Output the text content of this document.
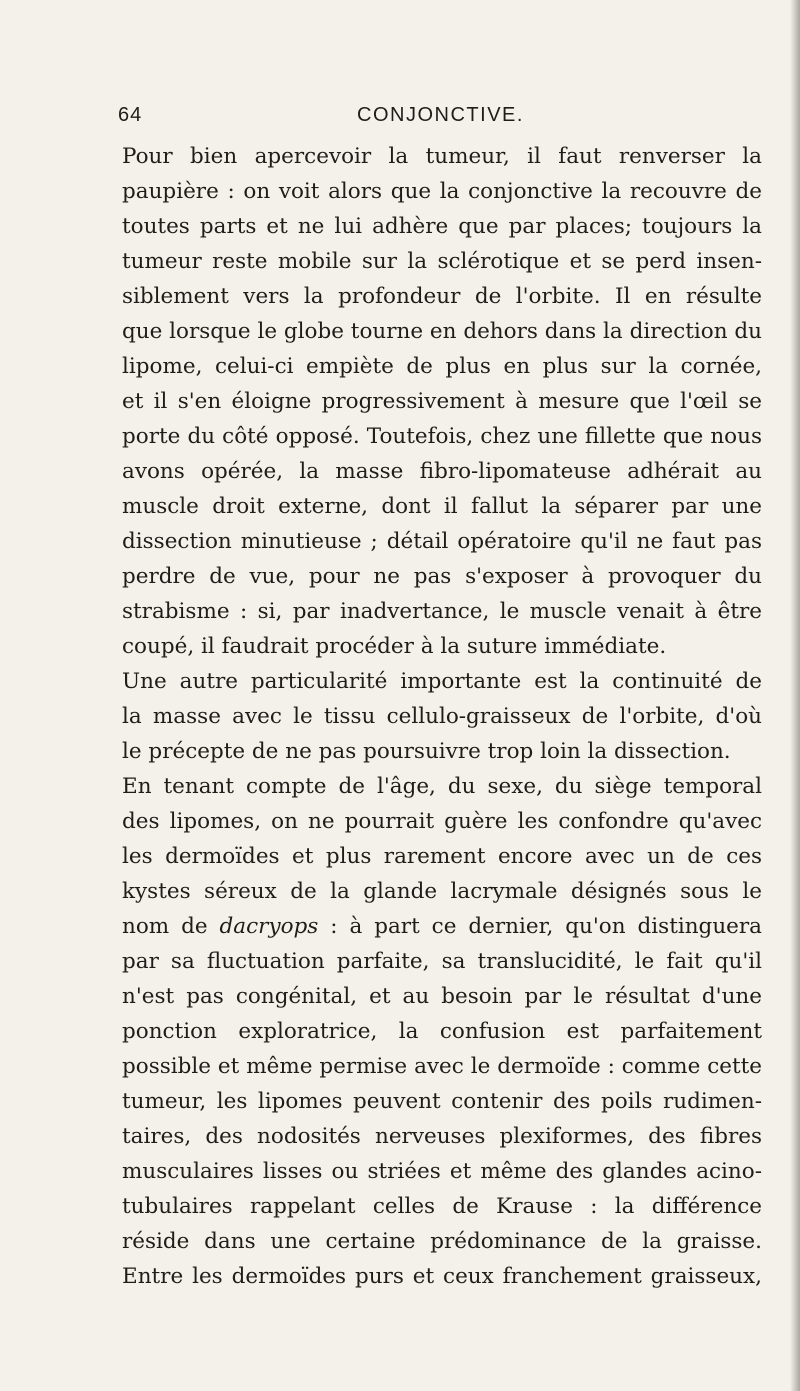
64	CONJONCTIVE.
Pour bien apercevoir la tumeur, il faut renverser la
paupière : on voit alors que la conjonctive la recouvre de
toutes parts et ne lui adhère que par places; toujours la
tumeur reste mobile sur la sclérotique et se perd insen-
siblement vers la profondeur de l'orbite. Il en résulte
que lorsque le globe tourne en dehors dans la direction du
lipome, celui-ci empiète de plus en plus sur la cornée,
et il s'en éloigne progressivement à mesure que l'œil se
porte du côté opposé. Toutefois, chez une fillette que nous
avons opérée, la masse fibro-lipomateuse adhérait au
muscle droit externe, dont il fallut la séparer par une
dissection minutieuse ; détail opératoire qu'il ne faut pas
perdre de vue, pour ne pas s'exposer à provoquer du
strabisme : si, par inadvertance, le muscle venait à être
coupé, il faudrait procéder à la suture immédiate.
Une autre particularité importante est la continuité de
la masse avec le tissu cellulo-graisseux de l'orbite, d'où
le précepte de ne pas poursuivre trop loin la dissection.
En tenant compte de l'âge, du sexe, du siège temporal
des lipomes, on ne pourrait guère les confondre qu'avec
les dermoïdes et plus rarement encore avec un de ces
kystes séreux de la glande lacrymale désignés sous le
nom de dacryops : à part ce dernier, qu'on distinguera
par sa fluctuation parfaite, sa translucidité, le fait qu'il
n'est pas congénital, et au besoin par le résultat d'une
ponction exploratrice, la confusion est parfaitement
possible et même permise avec le dermoïde : comme cette
tumeur, les lipomes peuvent contenir des poils rudimen-
taires, des nodosités nerveuses plexiformes, des fibres
musculaires lisses ou striées et même des glandes acino-
tubulaires rappelant celles de Krause : la différence
réside dans une certaine prédominance de la graisse.
Entre les dermoïdes purs et ceux franchement graisseux,
